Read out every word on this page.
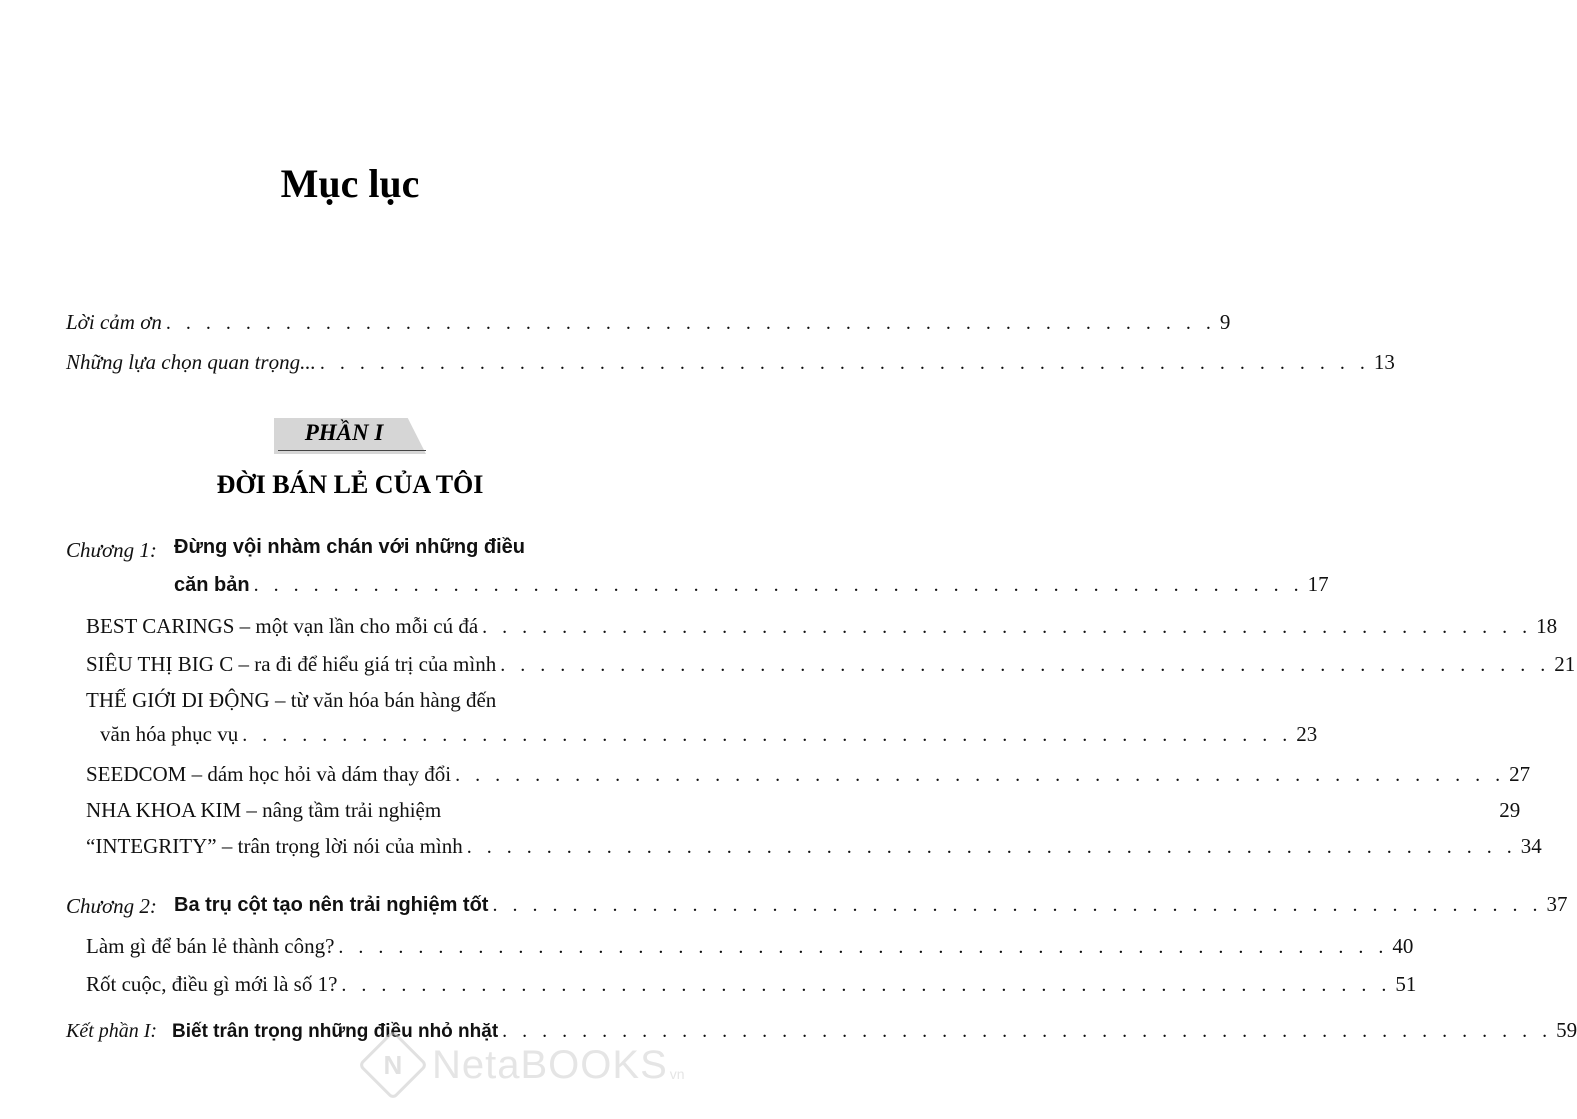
Mục lục
Lời cảm ơn . . . . . . . . . . . . . . . . . . . . . . . . . . . . . . . . . . . . . . . . . . . . . . . . . . . . . 9
Những lựa chọn quan trọng... . . . . . . . . . . . . . . . . . . . . . . . . . . . . . . . . . . . . . . . . . . . . . . . . . . . . . 13
PHẦN I
ĐỜI BÁN LẺ CỦA TÔI
Chương 1: Đừng vội nhàm chán với những điều
căn bản . . . . . . . . . . . . . . . . . . . . . . . . . . . . . . . . . . . . . . . . . . . . . . . . . . . . . 17
BEST CARINGS – một vạn lần cho mỗi cú đá . . . . . . . . . . . . . . . . . . . . . . . . . . . . . . . . . . . . . . . . . . . . . . . . . . . . . 18
SIÊU THỊ BIG C – ra đi để hiểu giá trị của mình . . . . . . . . . . . . . . . . . . . . . . . . . . . . . . . . . . . . . . . . . . . . . . . . . . . . . 21
THẾ GIỚI DI ĐỘNG – từ văn hóa bán hàng đến
văn hóa phục vụ . . . . . . . . . . . . . . . . . . . . . . . . . . . . . . . . . . . . . . . . . . . . . . . . . . . . . 23
SEEDCOM – dám học hỏi và dám thay đổi . . . . . . . . . . . . . . . . . . . . . . . . . . . . . . . . . . . . . . . . . . . . . . . . . . . . . 27
NHA KHOA KIM – nâng tầm trải nghiệm	29
“INTEGRITY” – trân trọng lời nói của mình . . . . . . . . . . . . . . . . . . . . . . . . . . . . . . . . . . . . . . . . . . . . . . . . . . . . . 34
Chương 2: Ba trụ cột tạo nên trải nghiệm tốt . . . . . . . . . . . . . . . . . . . . . . . . . . . . . . . . . . . . . . . . . . . . . . . . . . . . . 37
Làm gì để bán lẻ thành công? . . . . . . . . . . . . . . . . . . . . . . . . . . . . . . . . . . . . . . . . . . . . . . . . . . . . . 40
Rốt cuộc, điều gì mới là số 1? . . . . . . . . . . . . . . . . . . . . . . . . . . . . . . . . . . . . . . . . . . . . . . . . . . . . . 51
Kết phần I: Biết trân trọng những điều nhỏ nhặt . . . . . . . . . . . . . . . . . . . . . . . . . . . . . . . . . . . . . . . . . . . . . . . . . . . . . 59
N NetaBOOKS vn
